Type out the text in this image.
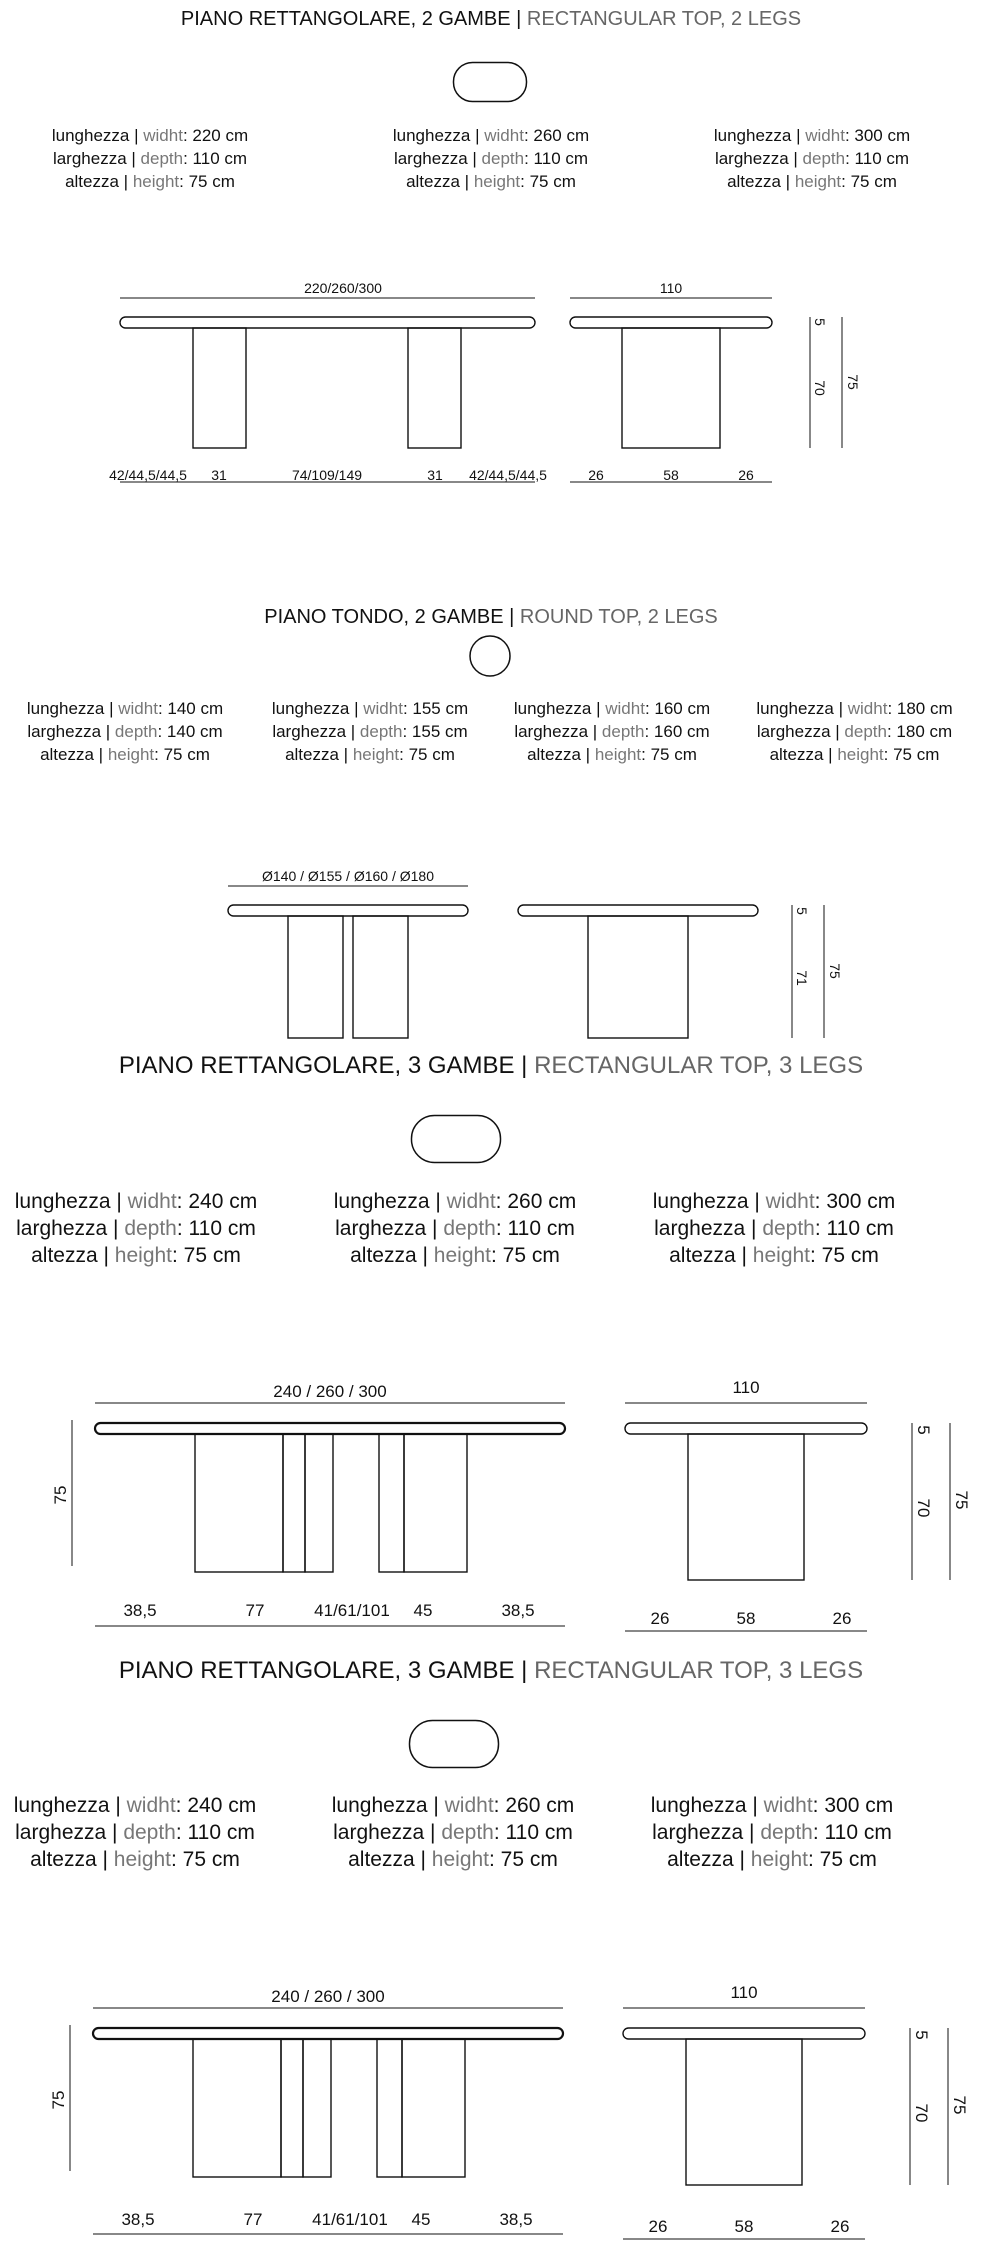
PIANO RETTANGOLARE, 2 GAMBE | RECTANGULAR TOP, 2 LEGS
lunghezza | widht: 220 cm
larghezza | depth: 110 cm
altezza | height: 75 cm
lunghezza | widht: 260 cm
larghezza | depth: 110 cm
altezza | height: 75 cm
lunghezza | widht: 300 cm
larghezza | depth: 110 cm
altezza | height: 75 cm
220/260/300
42/44,5/44,5 31	74/109/149	31 42/44,5/44,5
110
26	58	26
5
70 75
PIANO TONDO, 2 GAMBE | ROUND TOP, 2 LEGS
lunghezza | widht: 140 cm
larghezza | depth: 140 cm
altezza | height: 75 cm
lunghezza | widht: 155 cm
larghezza | depth: 155 cm
altezza | height: 75 cm
lunghezza | widht: 160 cm
larghezza | depth: 160 cm
altezza | height: 75 cm
lunghezza | widht: 180 cm
larghezza | depth: 180 cm
altezza | height: 75 cm
Ø140 / Ø155 / Ø160 / Ø180
5
71 75
PIANO RETTANGOLARE, 3 GAMBE | RECTANGULAR TOP, 3 LEGS
lunghezza | widht: 240 cm
larghezza | depth: 110 cm
altezza | height: 75 cm
lunghezza | widht: 260 cm
larghezza | depth: 110 cm
altezza | height: 75 cm
lunghezza | widht: 300 cm
larghezza | depth: 110 cm
altezza | height: 75 cm
240 / 260 / 300
75
38,5	77	41/61/101 45	38,5
110
26	58	26
5
70 75
PIANO RETTANGOLARE, 3 GAMBE | RECTANGULAR TOP, 3 LEGS
lunghezza | widht: 240 cm
larghezza | depth: 110 cm
altezza | height: 75 cm
lunghezza | widht: 260 cm
larghezza | depth: 110 cm
altezza | height: 75 cm
lunghezza | widht: 300 cm
larghezza | depth: 110 cm
altezza | height: 75 cm
240 / 260 / 300
75
38,5	77	41/61/101 45	38,5
110
26	58	26
5
70 75
